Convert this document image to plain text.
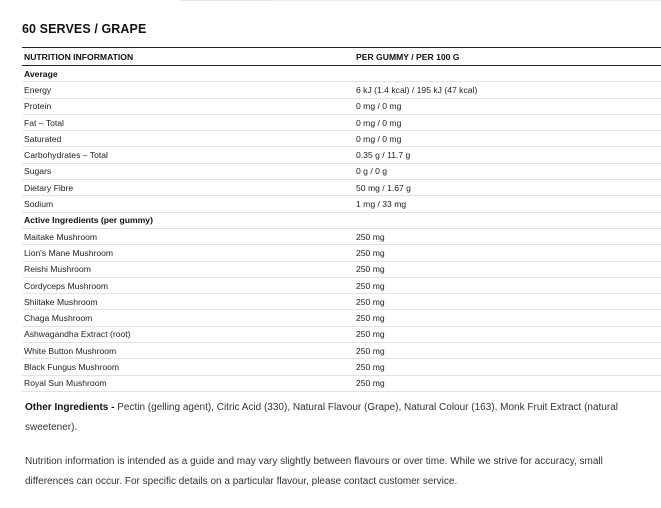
60 SERVES / GRAPE
NUTRITION INFORMATION	PER GUMMY / PER 100 G
Average	
Energy	6 kJ (1.4 kcal) / 195 kJ (47 kcal)
Protein	0 mg / 0 mg
Fat – Total	0 mg / 0 mg
Saturated	0 mg / 0 mg
Carbohydrates – Total	0.35 g / 11.7 g
Sugars	0 g / 0 g
Dietary Fibre	50 mg / 1.67 g
Sodium	1 mg / 33 mg
Active Ingredients (per gummy)	
Maitake Mushroom	250 mg
Lion's Mane Mushroom	250 mg
Reishi Mushroom	250 mg
Cordyceps Mushroom	250 mg
Shiitake Mushroom	250 mg
Chaga Mushroom	250 mg
Ashwagandha Extract (root)	250 mg
White Button Mushroom	250 mg
Black Fungus Mushroom	250 mg
Royal Sun Mushroom	250 mg
Other Ingredients - Pectin (gelling agent), Citric Acid (330), Natural Flavour (Grape), Natural Colour (163), Monk Fruit Extract (natural sweetener).
Nutrition information is intended as a guide and may vary slightly between flavours or over time. While we strive for accuracy, small differences can occur. For specific details on a particular flavour, please contact customer service.
